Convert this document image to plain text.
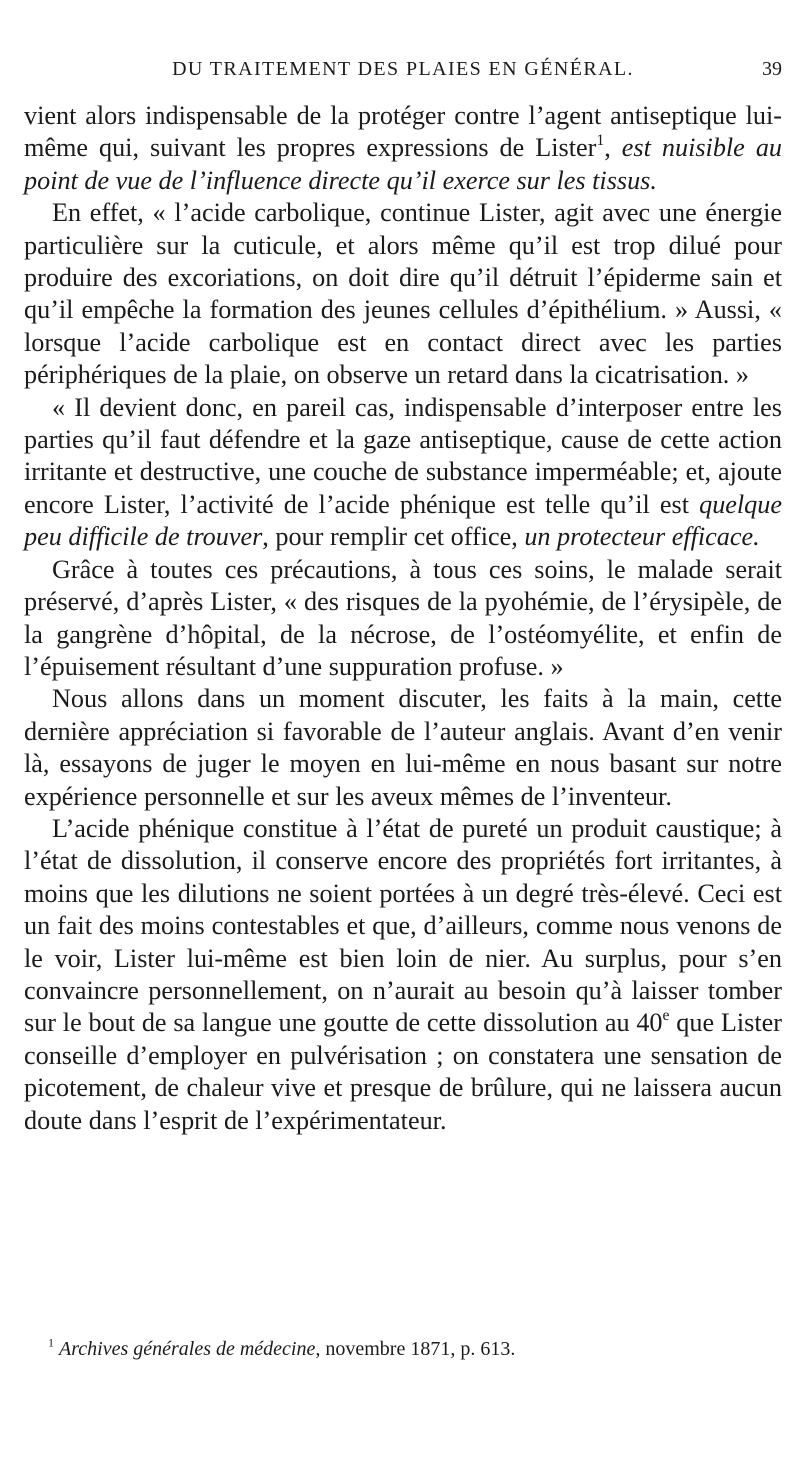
DU TRAITEMENT DES PLAIES EN GÉNÉRAL.	39

vient alors indispensable de la protéger contre l’agent antiseptique lui-même qui, suivant les propres expressions de Lister$^1$, est nuisible au point de vue de l’influence directe qu’il exerce sur les tissus.

En effet, « l’acide carbolique, continue Lister, agit avec une énergie particulière sur la cuticule, et alors même qu’il est trop dilué pour produire des excoriations, on doit dire qu’il détruit l’épiderme sain et qu’il empêche la formation des jeunes cellules d’épithélium. » Aussi, « lorsque l’acide carbolique est en contact direct avec les parties périphériques de la plaie, on observe un retard dans la cicatrisation. »

« Il devient donc, en pareil cas, indispensable d’interposer entre les parties qu’il faut défendre et la gaze antiseptique, cause de cette action irritante et destructive, une couche de substance imperméable; et, ajoute encore Lister, l’activité de l’acide phénique est telle qu’il est quelque peu difficile de trouver, pour remplir cet office, un protecteur efficace.

Grâce à toutes ces précautions, à tous ces soins, le malade serait préservé, d’après Lister, « des risques de la pyohémie, de l’érysipèle, de la gangrène d’hôpital, de la nécrose, de l’ostéomyélite, et enfin de l’épuisement résultant d’une suppuration profuse. »

Nous allons dans un moment discuter, les faits à la main, cette dernière appréciation si favorable de l’auteur anglais. Avant d’en venir là, essayons de juger le moyen en lui-même en nous basant sur notre expérience personnelle et sur les aveux mêmes de l’inventeur.

L’acide phénique constitue à l’état de pureté un produit caustique; à l’état de dissolution, il conserve encore des propriétés fort irritantes, à moins que les dilutions ne soient portées à un degré très-élevé. Ceci est un fait des moins contestables et que, d’ailleurs, comme nous venons de le voir, Lister lui-même est bien loin de nier. Au surplus, pour s’en convaincre personnellement, on n’aurait au besoin qu’à laisser tomber sur le bout de sa langue une goutte de cette dissolution au 40e que Lister conseille d’employer en pulvérisation ; on constatera une sensation de picotement, de chaleur vive et presque de brûlure, qui ne laissera aucun doute dans l’esprit de l’expérimentateur.

$^1$ Archives générales de médecine, novembre 1871, p. 613.
